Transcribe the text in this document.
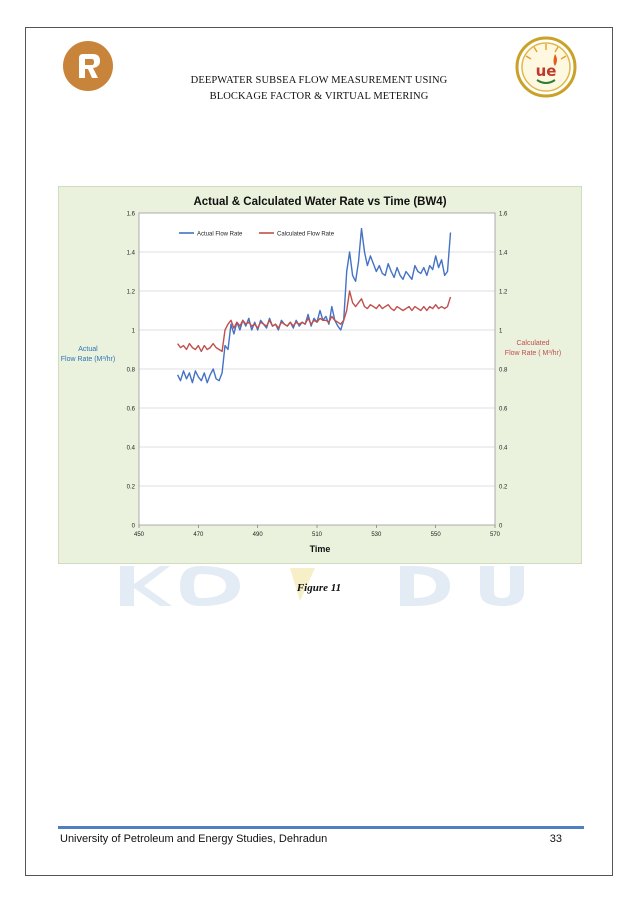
ue
DEEPWATER SUBSEA FLOW MEASUREMENT USING
BLOCKAGE FACTOR & VIRTUAL METERING
Actual & Calculated Water Rate vs Time (BW4)
Time
Actual
Flow Rate (M³/hr)
Calculated
Flow Rate ( M³/hr)
0	0
0.2	0.2
0.4	0.4
0.6	0.6
0.8	0.8
1	1
1.2	1.2
1.4	1.4
1.6	1.6
450	470	490	510	530	550	570
Actual Flow Rate	Calculated Flow Rate
Figure 11
University of Petroleum and Energy Studies, Dehradun	33
